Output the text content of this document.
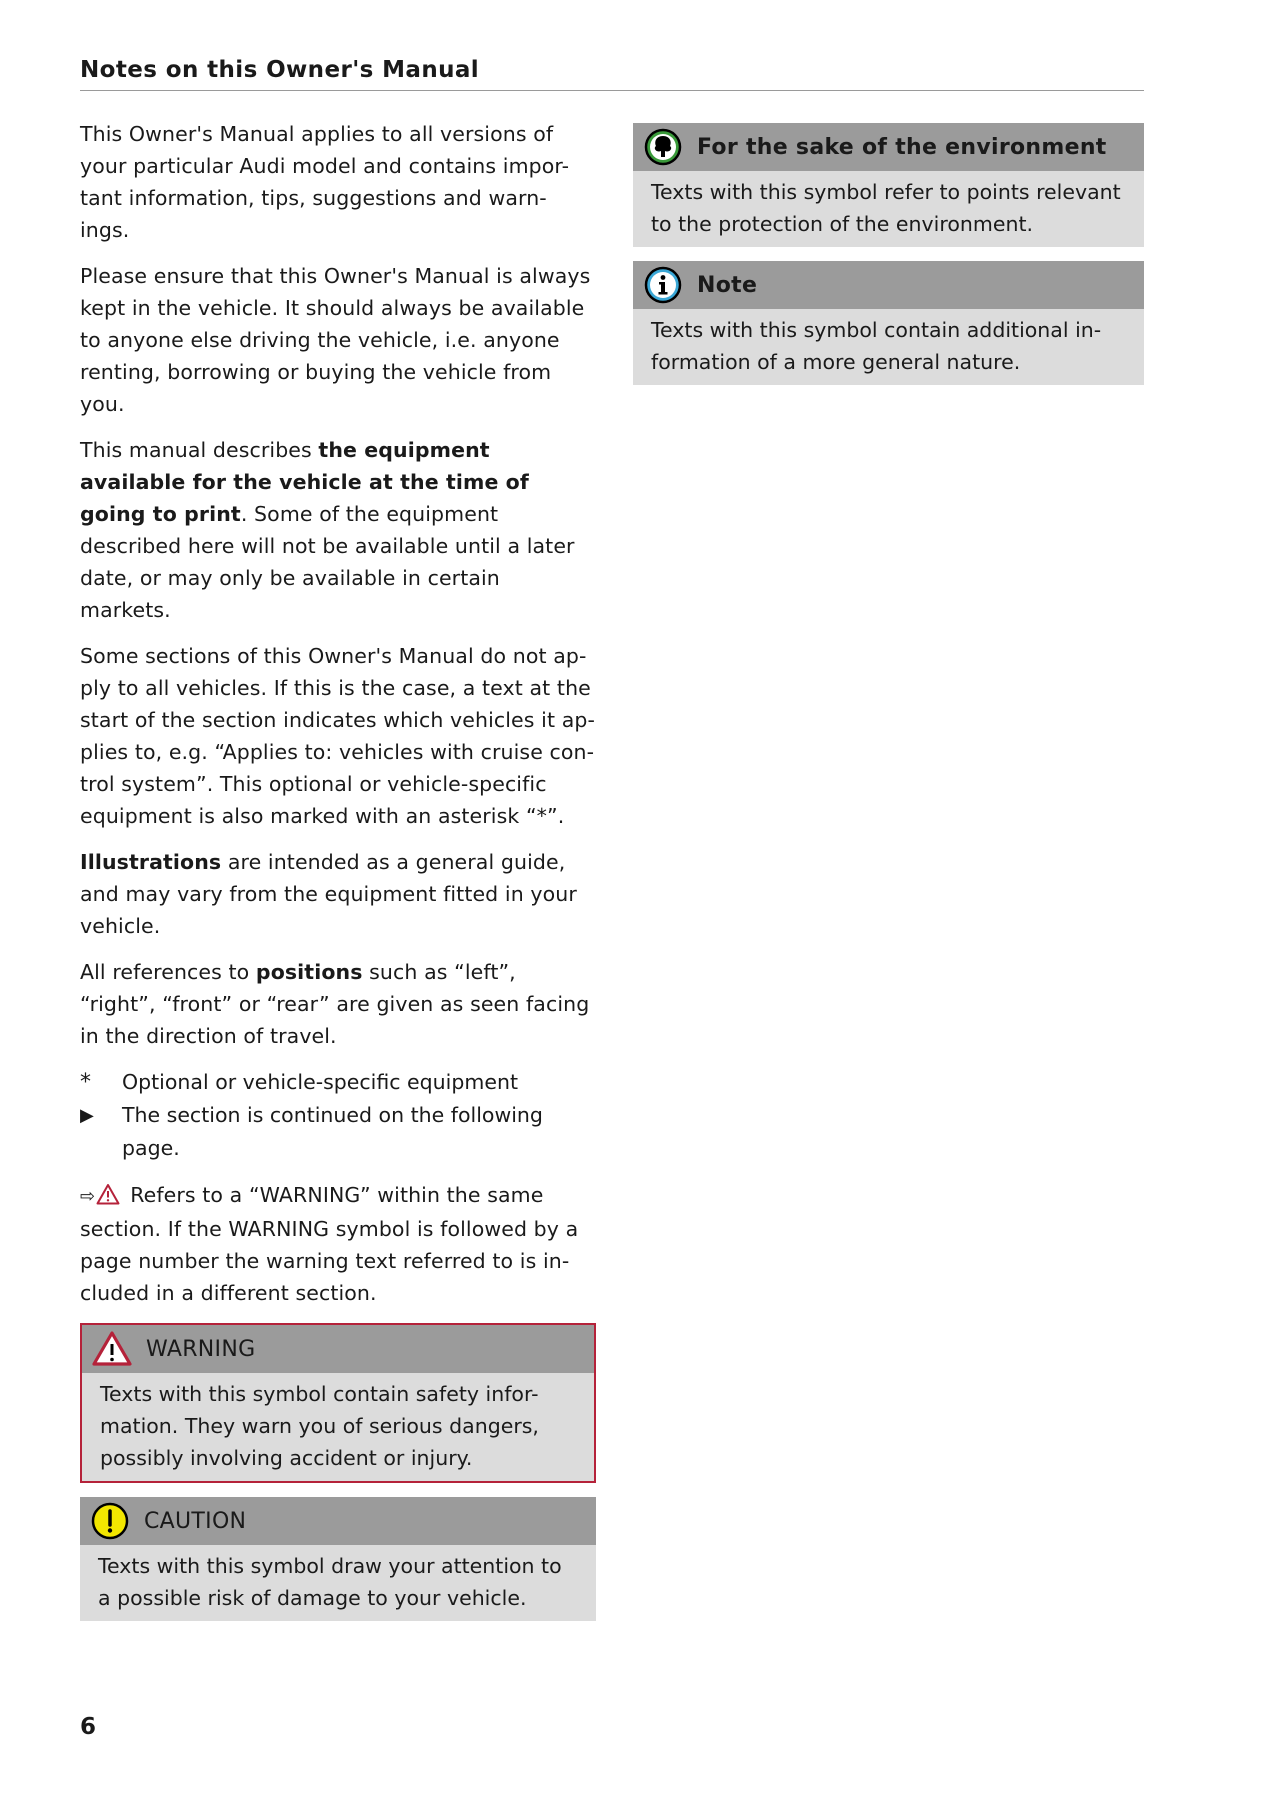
Notes on this Owner's Manual

This Owner's Manual applies to all versions of your particular Audi model and contains impor-tant information, tips, suggestions and warn-ings.

Please ensure that this Owner's Manual is always kept in the vehicle. It should always be available to anyone else driving the vehicle, i.e. anyone renting, borrowing or buying the vehicle from you.

This manual describes the equipment available for the vehicle at the time of going to print. Some of the equipment described here will not be available until a later date, or may only be available in certain markets.

Some sections of this Owner's Manual do not ap-ply to all vehicles. If this is the case, a text at the start of the section indicates which vehicles it ap-plies to, e.g. “Applies to: vehicles with cruise con-trol system”. This optional or vehicle-specific equipment is also marked with an asterisk “*”.

Illustrations are intended as a general guide, and may vary from the equipment fitted in your vehicle.

All references to positions such as “left”, “right”, “front” or “rear” are given as seen facing in the direction of travel.

*	Optional or vehicle-specific equipment
▶	The section is continued on the following page.

⇨ Refers to a “WARNING” within the same section. If the WARNING symbol is followed by a page number the warning text referred to is in-cluded in a different section.

WARNING
Texts with this symbol contain safety infor-mation. They warn you of serious dangers, possibly involving accident or injury.
CAUTION
Texts with this symbol draw your attention to a possible risk of damage to your vehicle.
For the sake of the environment
Texts with this symbol refer to points relevant to the protection of the environment.
Note
Texts with this symbol contain additional in-formation of a more general nature.
6
